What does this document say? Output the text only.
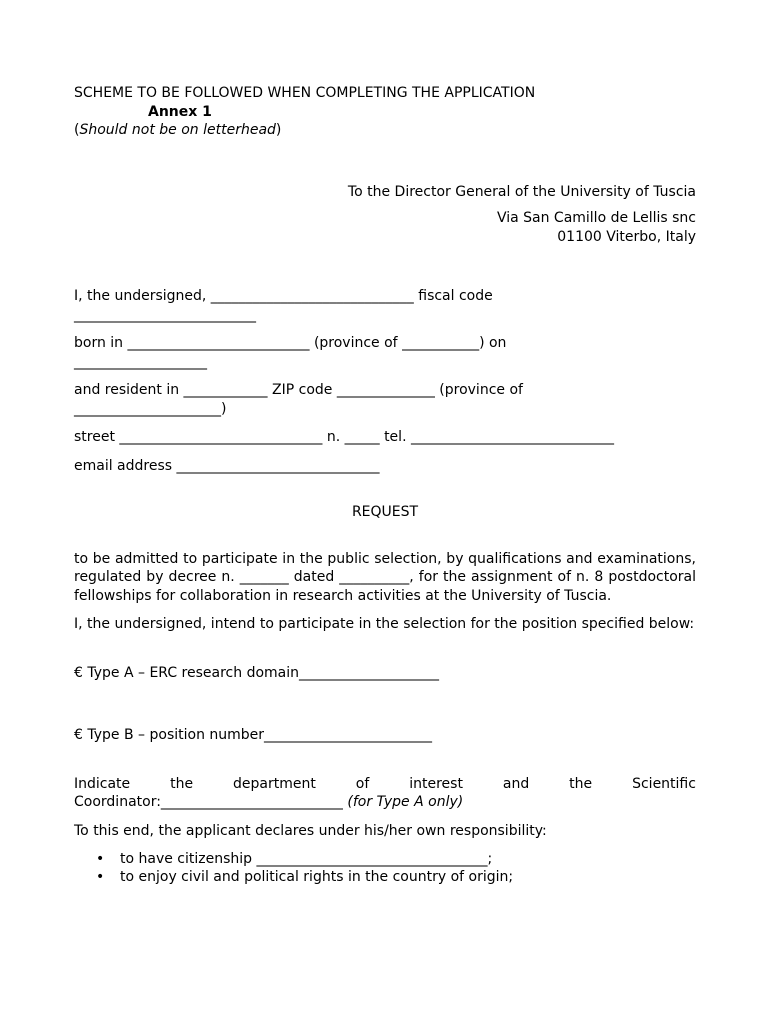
SCHEME TO BE FOLLOWED WHEN COMPLETING THE APPLICATION
Annex 1
(Should not be on letterhead)
To the Director General of the University of Tuscia
Via San Camillo de Lellis snc
01100 Viterbo, Italy
I, the undersigned, _____________________________ fiscal code
__________________________
born in __________________________ (province of ___________) on
___________________
and resident in ____________ ZIP code ______________ (province of
_____________________)
street _____________________________ n. _____ tel. _____________________________
email address _____________________________
REQUEST
to be admitted to participate in the public selection, by qualifications and examinations, regulated by decree n. _______ dated __________, for the assignment of n. 8 postdoctoral fellowships for collaboration in research activities at the University of Tuscia.
I, the undersigned, intend to participate in the selection for the position specified below:
€ Type A – ERC research domain____________________
€ Type B – position number________________________
Indicate	the	department	of	interest	and	the	Scientific
Coordinator:__________________________ (for Type A only)
To this end, the applicant declares under his/her own responsibility:
• to have citizenship _________________________________;
• to enjoy civil and political rights in the country of origin;
